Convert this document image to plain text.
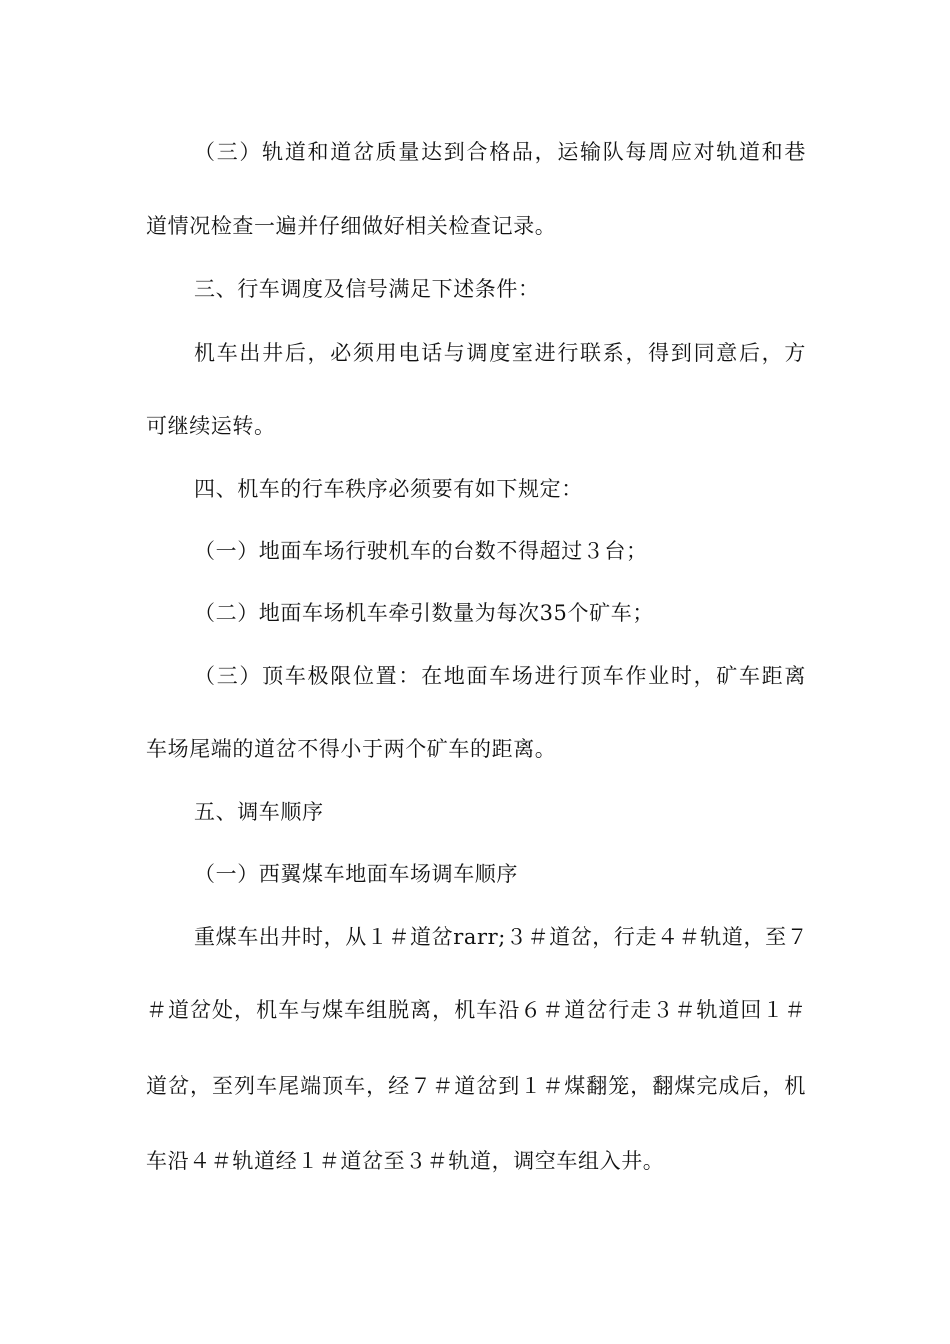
（三）轨道和道岔质量达到合格品，运输队每周应对轨道和巷
道情况检查一遍并仔细做好相关检查记录。
三、行车调度及信号满足下述条件：
机车出井后，必须用电话与调度室进行联系，得到同意后，方
可继续运转。
四、机车的行车秩序必须要有如下规定：
（一）地面车场行驶机车的台数不得超过３台；
（二）地面车场机车牵引数量为每次35个矿车；
（三）顶车极限位置：在地面车场进行顶车作业时，矿车距离
车场尾端的道岔不得小于两个矿车的距离。
五、调车顺序
（一）西翼煤车地面车场调车顺序
重煤车出井时，从１＃道岔rarr;３＃道岔，行走４＃轨道，至７
＃道岔处，机车与煤车组脱离，机车沿６＃道岔行走３＃轨道回１＃
道岔，至列车尾端顶车，经７＃道岔到１＃煤翻笼，翻煤完成后，机
车沿４＃轨道经１＃道岔至３＃轨道，调空车组入井。
